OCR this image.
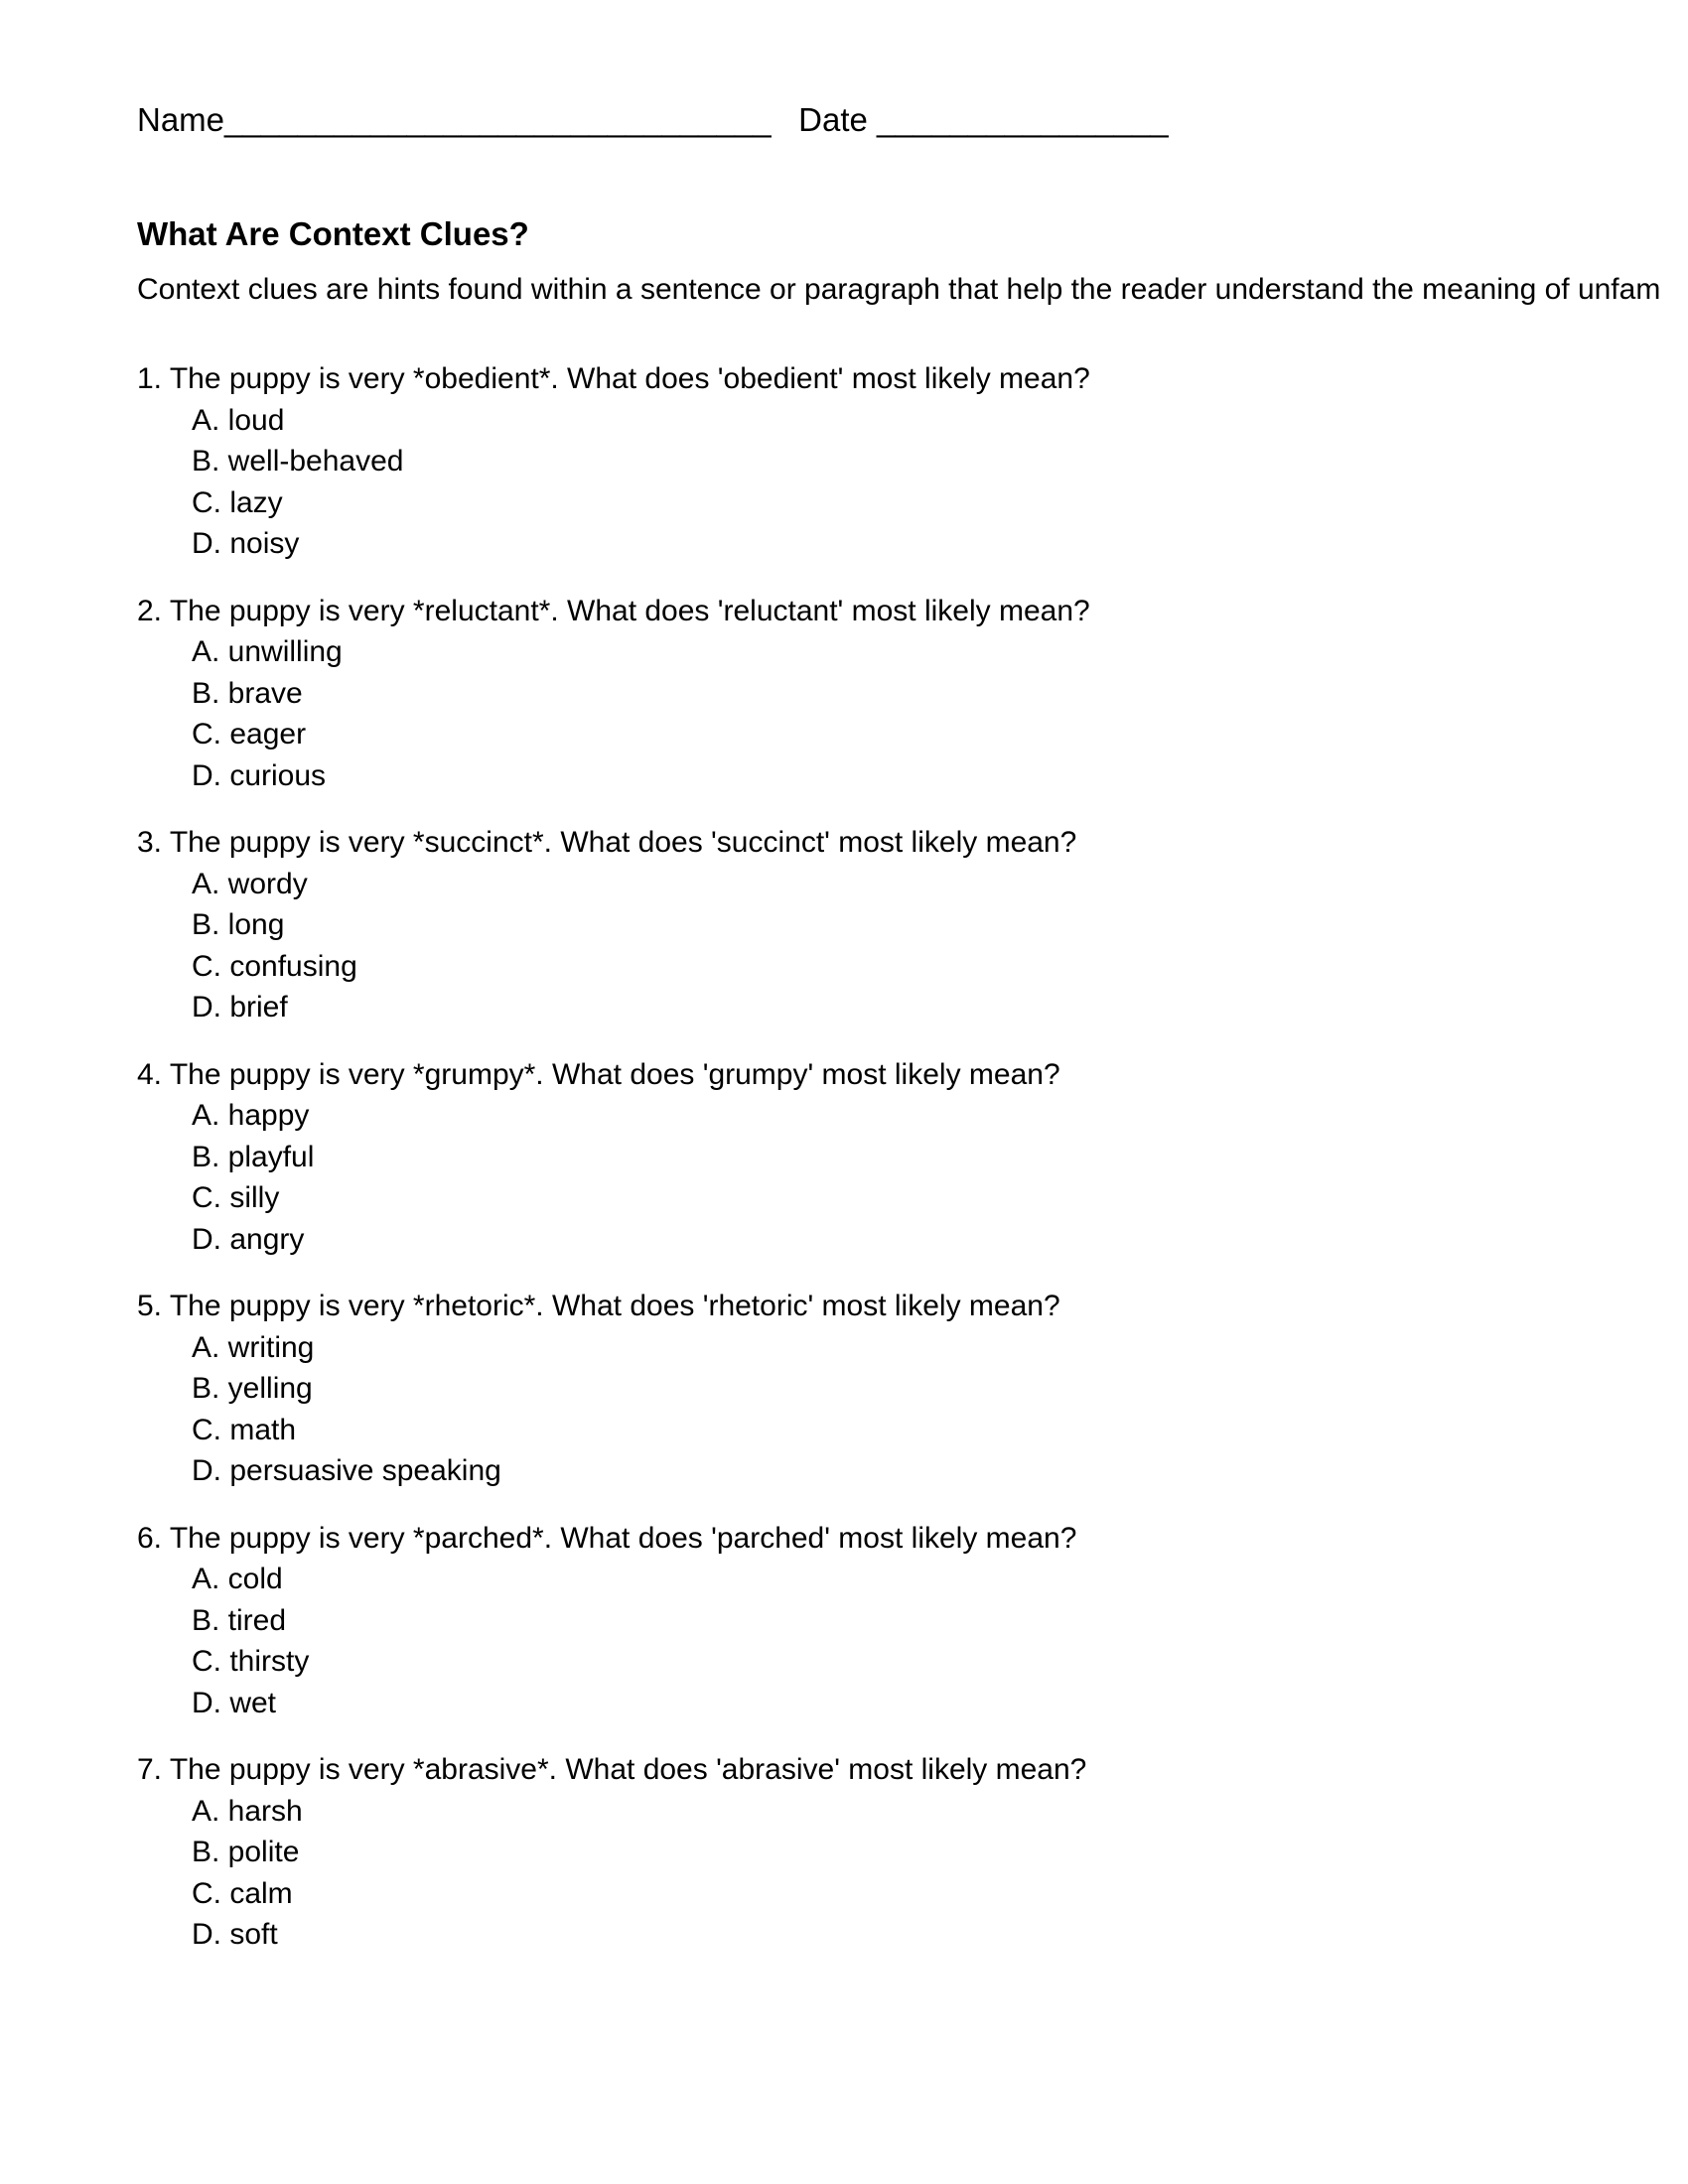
Name______________________________ Date ________________
What Are Context Clues?
Context clues are hints found within a sentence or paragraph that help the reader understand the meaning of unfam
1. The puppy is very *obedient*. What does 'obedient' most likely mean?
A. loud
B. well-behaved
C. lazy
D. noisy
2. The puppy is very *reluctant*. What does 'reluctant' most likely mean?
A. unwilling
B. brave
C. eager
D. curious
3. The puppy is very *succinct*. What does 'succinct' most likely mean?
A. wordy
B. long
C. confusing
D. brief
4. The puppy is very *grumpy*. What does 'grumpy' most likely mean?
A. happy
B. playful
C. silly
D. angry
5. The puppy is very *rhetoric*. What does 'rhetoric' most likely mean?
A. writing
B. yelling
C. math
D. persuasive speaking
6. The puppy is very *parched*. What does 'parched' most likely mean?
A. cold
B. tired
C. thirsty
D. wet
7. The puppy is very *abrasive*. What does 'abrasive' most likely mean?
A. harsh
B. polite
C. calm
D. soft
